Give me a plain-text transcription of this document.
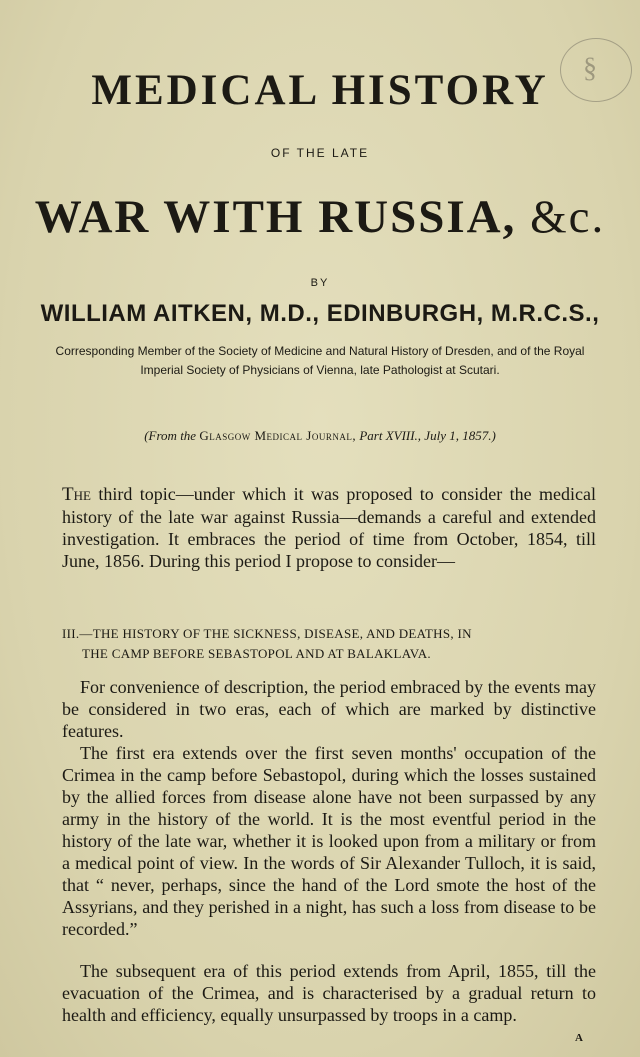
§
MEDICAL HISTORY
OF THE LATE
WAR WITH RUSSIA, &c.
BY
WILLIAM AITKEN, M.D., EDINBURGH, M.R.C.S.,
Corresponding Member of the Society of Medicine and Natural History of Dresden, and of the Royal Imperial Society of Physicians of Vienna, late Pathologist at Scutari.
(From the Glasgow Medical Journal, Part XVIII., July 1, 1857.)
The third topic—under which it was proposed to consider the medical history of the late war against Russia—demands a careful and extended investigation. It embraces the period of time from October, 1854, till June, 1856. During this period I propose to consider—
III.—THE HISTORY OF THE SICKNESS, DISEASE, AND DEATHS, IN
THE CAMP BEFORE SEBASTOPOL AND AT BALAKLAVA.
For convenience of description, the period embraced by the events may be considered in two eras, each of which are marked by distinctive features.
The first era extends over the first seven months' occupation of the Crimea in the camp before Sebastopol, during which the losses sustained by the allied forces from disease alone have not been surpassed by any army in the history of the world. It is the most eventful period in the history of the late war, whether it is looked upon from a military or from a medical point of view. In the words of Sir Alexander Tulloch, it is said, that “ never, perhaps, since the hand of the Lord smote the host of the Assyrians, and they perished in a night, has such a loss from disease to be recorded.”
The subsequent era of this period extends from April, 1855, till the evacuation of the Crimea, and is characterised by a gradual return to health and efficiency, equally unsurpassed by troops in a camp.
A
